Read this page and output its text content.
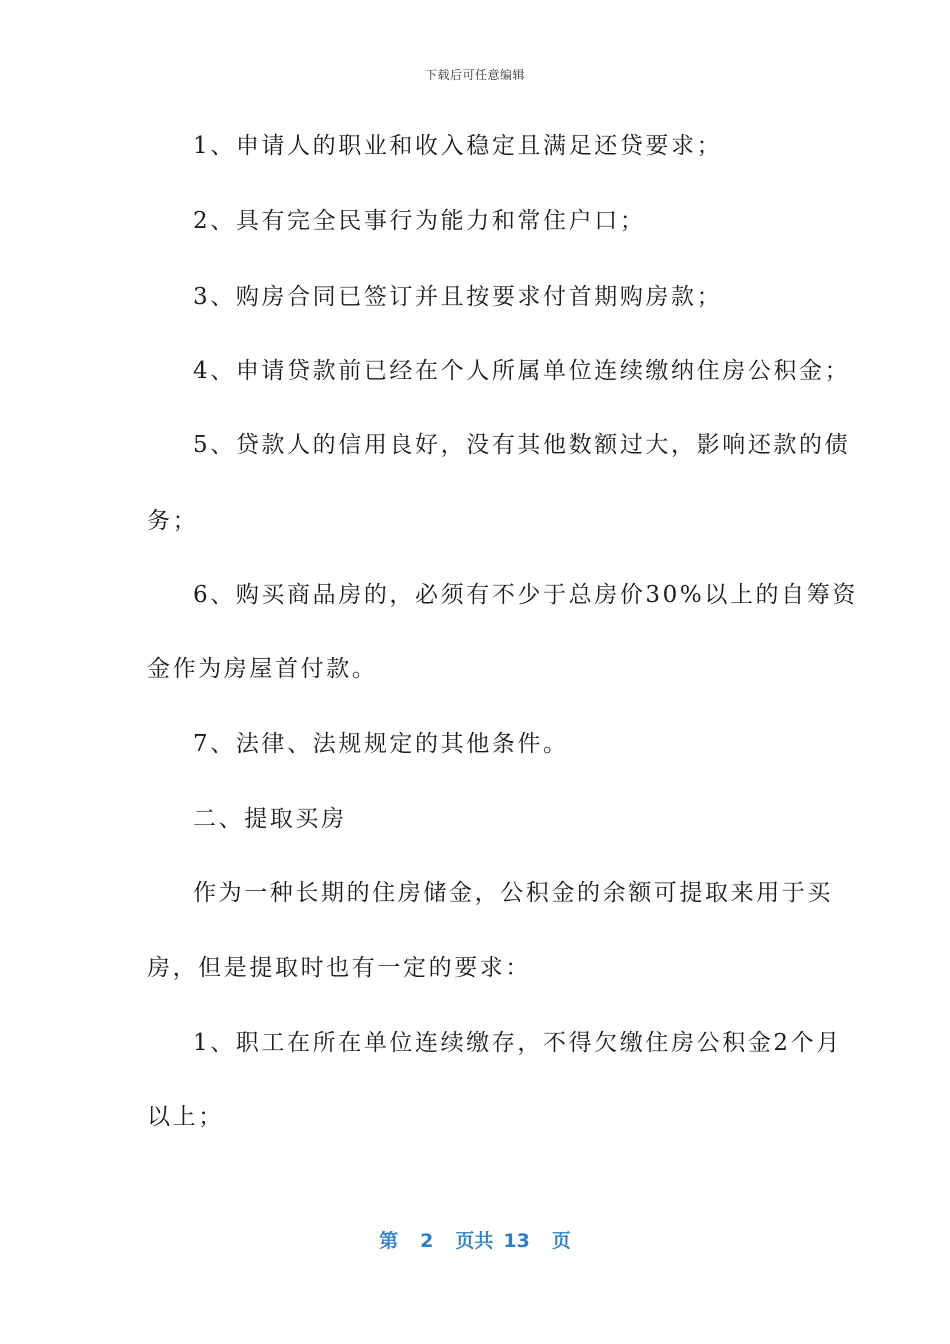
下载后可任意编辑
1、申请人的职业和收入稳定且满足还贷要求；
2、具有完全民事行为能力和常住户口；
3、购房合同已签订并且按要求付首期购房款；
4、申请贷款前已经在个人所属单位连续缴纳住房公积金；
5、贷款人的信用良好，没有其他数额过大，影响还款的债
务；
6、购买商品房的，必须有不少于总房价30%以上的自筹资
金作为房屋首付款。
7、法律、法规规定的其他条件。
二、提取买房
作为一种长期的住房储金，公积金的余额可提取来用于买
房，但是提取时也有一定的要求：
1、职工在所在单位连续缴存，不得欠缴住房公积金2个月
以上；
第 2 页共 13 页
